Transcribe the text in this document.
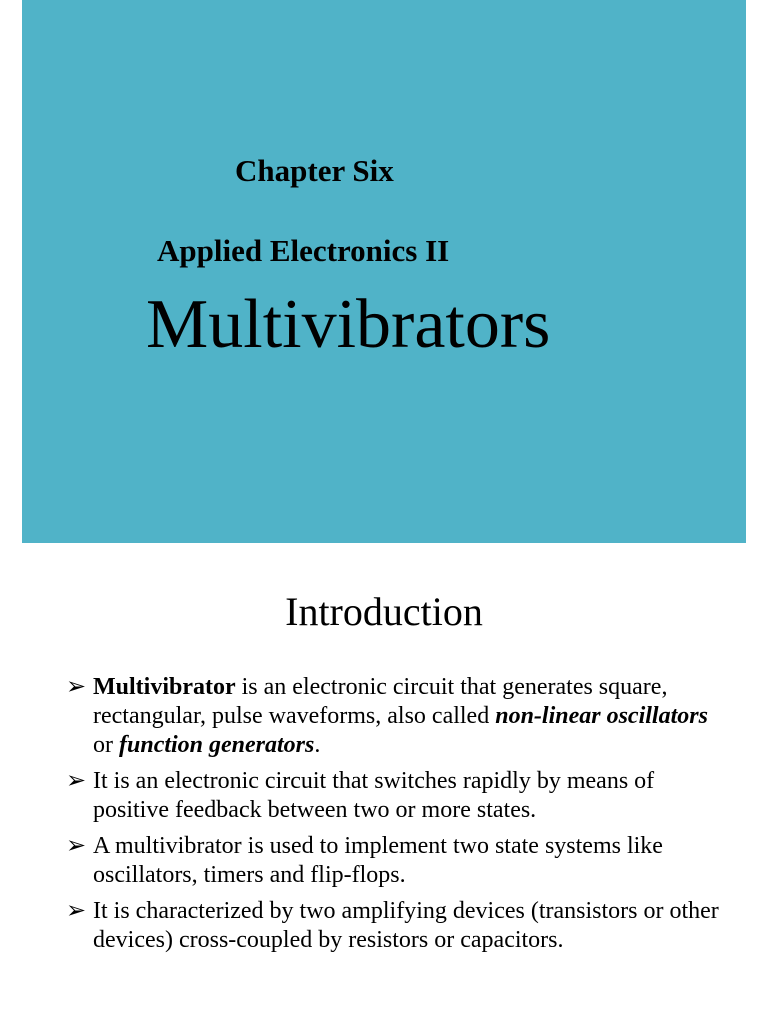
Chapter Six
Applied Electronics II
Multivibrators
Introduction
➢ Multivibrator is an electronic circuit that generates square, rectangular, pulse waveforms, also called non-linear oscillators or function generators.
➢ It is an electronic circuit that switches rapidly by means of positive feedback between two or more states.
➢ A multivibrator is used to implement two state systems like oscillators, timers and flip-flops.
➢ It is characterized by two amplifying devices (transistors or other devices) cross-coupled by resistors or capacitors.
